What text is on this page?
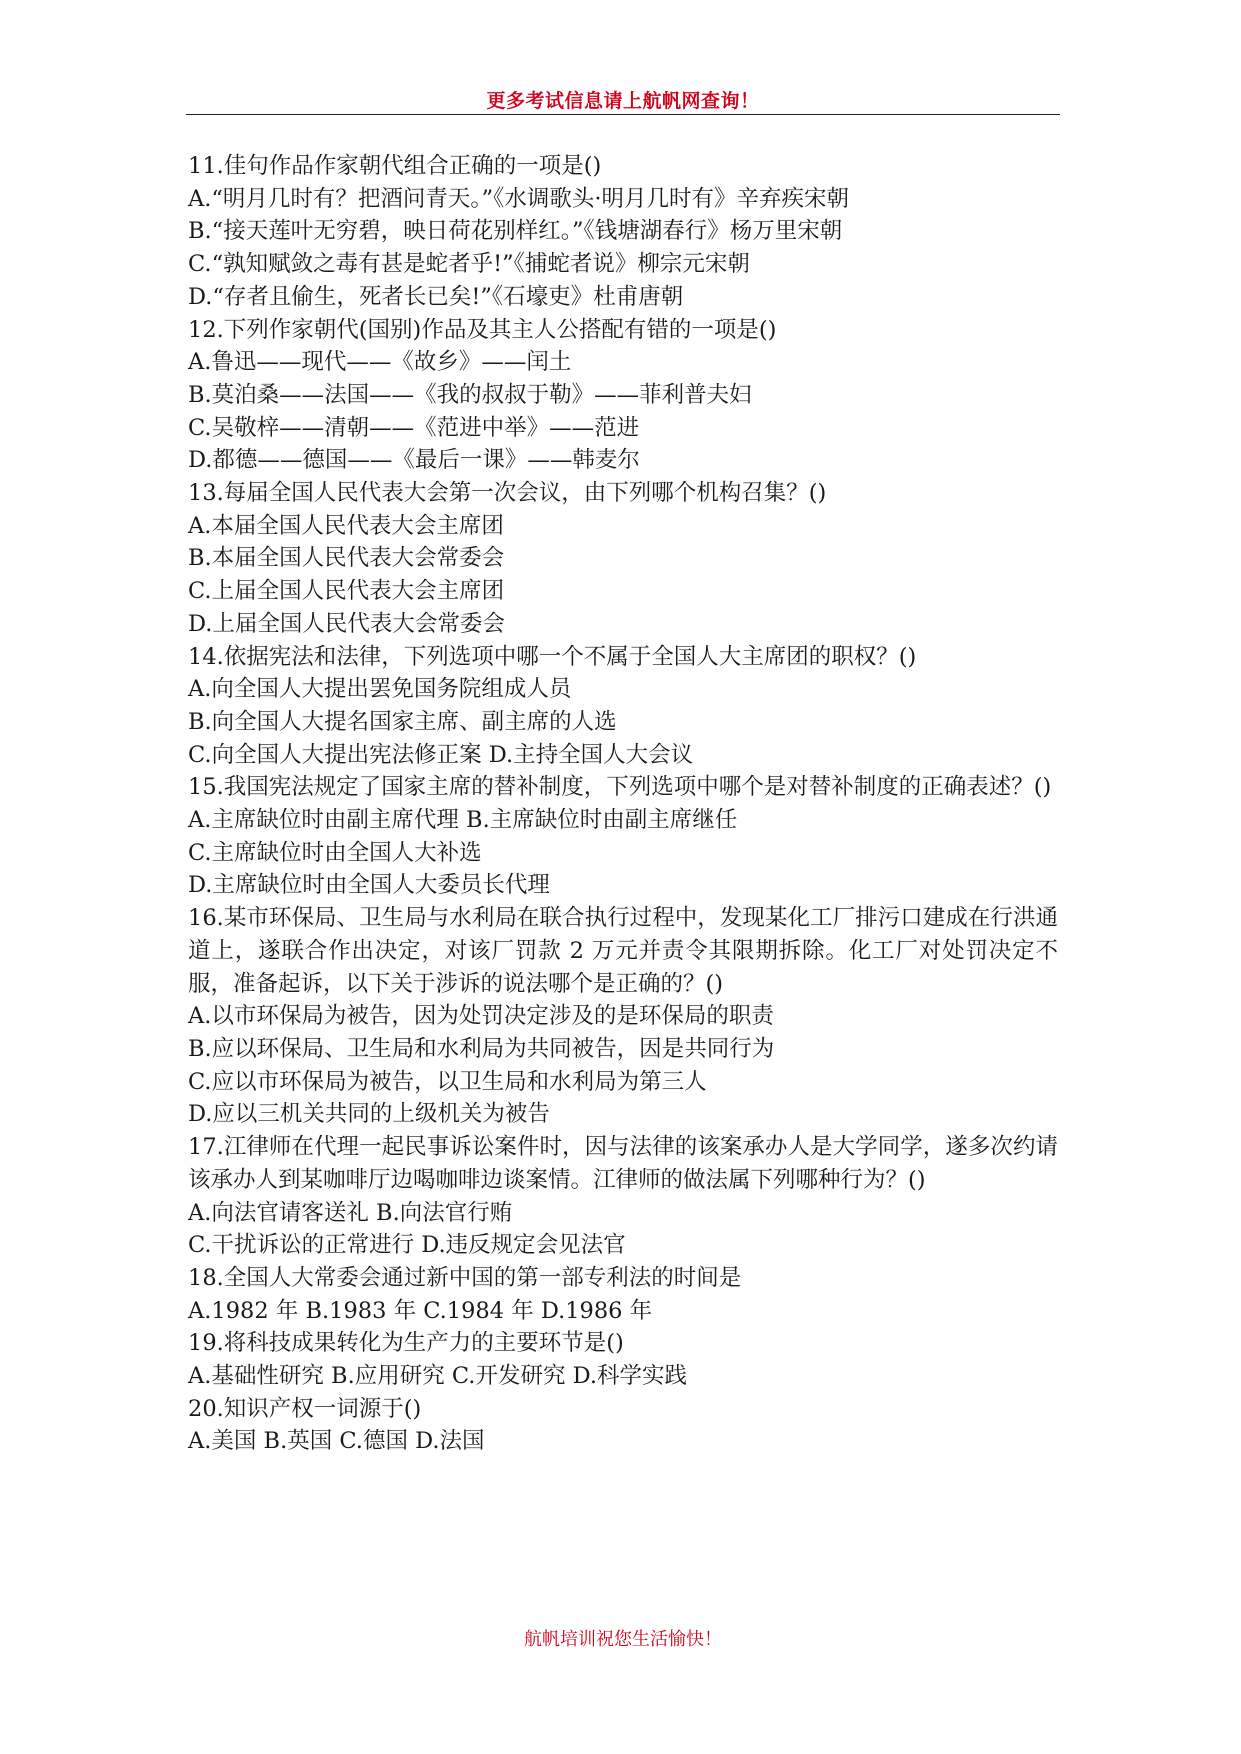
更多考试信息请上航帆网查询！
11.佳句作品作家朝代组合正确的一项是()
A.“明月几时有？把酒问青天。”《水调歌头·明月几时有》辛弃疾宋朝
B.“接天莲叶无穷碧，映日荷花别样红。”《钱塘湖春行》杨万里宋朝
C.“孰知赋敛之毒有甚是蛇者乎!”《捕蛇者说》柳宗元宋朝
D.“存者且偷生，死者长已矣!”《石壕吏》杜甫唐朝
12.下列作家朝代(国别)作品及其主人公搭配有错的一项是()
A.鲁迅——现代——《故乡》——闰土
B.莫泊桑——法国——《我的叔叔于勒》——菲利普夫妇
C.吴敬梓——清朝——《范进中举》——范进
D.都德——德国——《最后一课》——韩麦尔
13.每届全国人民代表大会第一次会议，由下列哪个机构召集？()
A.本届全国人民代表大会主席团
B.本届全国人民代表大会常委会
C.上届全国人民代表大会主席团
D.上届全国人民代表大会常委会
14.依据宪法和法律，下列选项中哪一个不属于全国人大主席团的职权？()
A.向全国人大提出罢免国务院组成人员
B.向全国人大提名国家主席、副主席的人选
C.向全国人大提出宪法修正案 D.主持全国人大会议
15.我国宪法规定了国家主席的替补制度，下列选项中哪个是对替补制度的正确表述？()
A.主席缺位时由副主席代理 B.主席缺位时由副主席继任
C.主席缺位时由全国人大补选
D.主席缺位时由全国人大委员长代理
16.某市环保局、卫生局与水利局在联合执行过程中，发现某化工厂排污口建成在行洪通道上，遂联合作出决定，对该厂罚款 2 万元并责令其限期拆除。化工厂对处罚决定不服，准备起诉，以下关于涉诉的说法哪个是正确的？()
A.以市环保局为被告，因为处罚决定涉及的是环保局的职责
B.应以环保局、卫生局和水利局为共同被告，因是共同行为
C.应以市环保局为被告，以卫生局和水利局为第三人
D.应以三机关共同的上级机关为被告
17.江律师在代理一起民事诉讼案件时，因与法律的该案承办人是大学同学，遂多次约请该承办人到某咖啡厅边喝咖啡边谈案情。江律师的做法属下列哪种行为？()
A.向法官请客送礼 B.向法官行贿
C.干扰诉讼的正常进行 D.违反规定会见法官
18.全国人大常委会通过新中国的第一部专利法的时间是
A.1982 年 B.1983 年 C.1984 年 D.1986 年
19.将科技成果转化为生产力的主要环节是()
A.基础性研究 B.应用研究 C.开发研究 D.科学实践
20.知识产权一词源于()
A.美国 B.英国 C.德国 D.法国
航帆培训祝您生活愉快！
